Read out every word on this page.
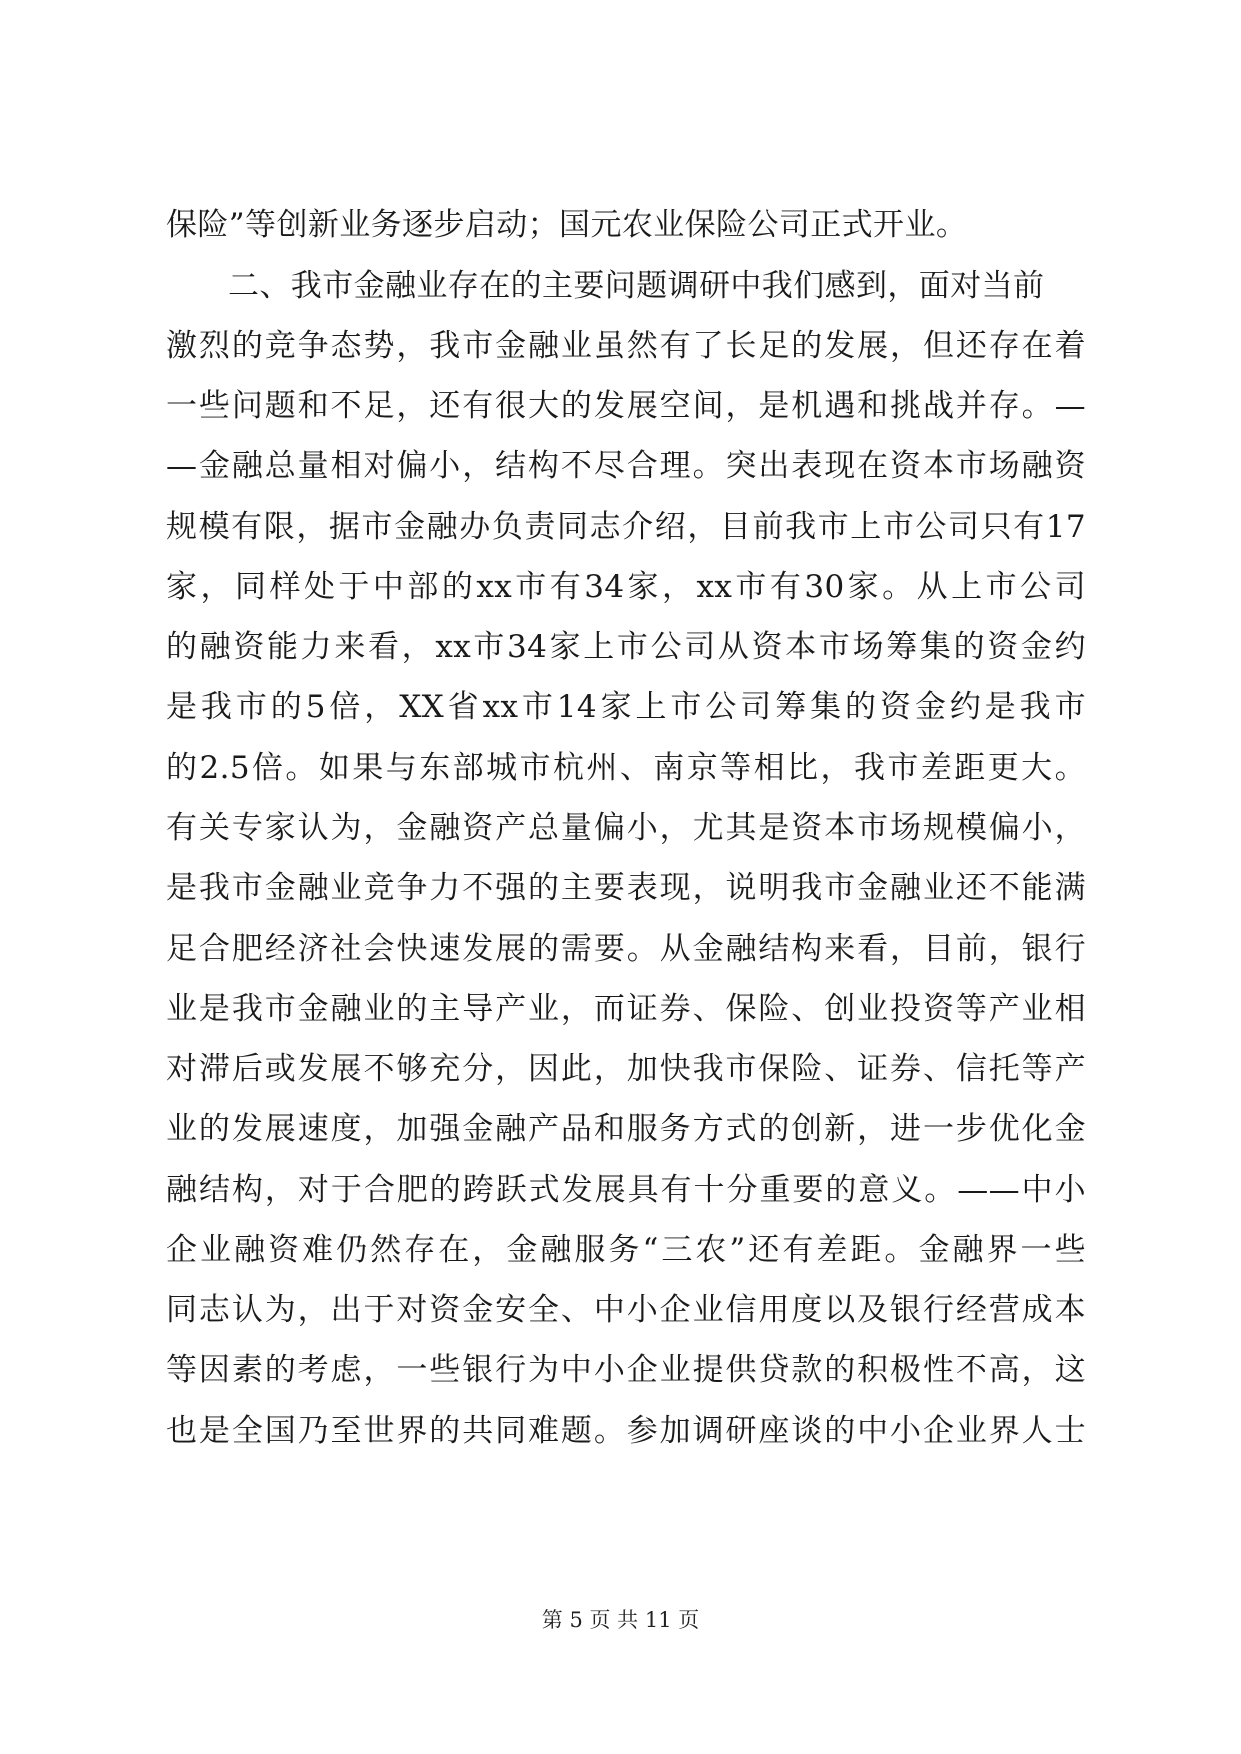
保险”等创新业务逐步启动；国元农业保险公司正式开业。
二、我市金融业存在的主要问题调研中我们感到，面对当前
激烈的竞争态势，我市金融业虽然有了长足的发展，但还存在着
一些问题和不足，还有很大的发展空间，是机遇和挑战并存。—
—金融总量相对偏小，结构不尽合理。突出表现在资本市场融资
规模有限，据市金融办负责同志介绍，目前我市上市公司只有17
家，同样处于中部的xx市有34家，xx市有30家。从上市公司
的融资能力来看，xx市34家上市公司从资本市场筹集的资金约
是我市的5倍，XX省xx市14家上市公司筹集的资金约是我市
的2.5倍。如果与东部城市杭州、南京等相比，我市差距更大。
有关专家认为，金融资产总量偏小，尤其是资本市场规模偏小，
是我市金融业竞争力不强的主要表现，说明我市金融业还不能满
足合肥经济社会快速发展的需要。从金融结构来看，目前，银行
业是我市金融业的主导产业，而证券、保险、创业投资等产业相
对滞后或发展不够充分，因此，加快我市保险、证券、信托等产
业的发展速度，加强金融产品和服务方式的创新，进一步优化金
融结构，对于合肥的跨跃式发展具有十分重要的意义。——中小
企业融资难仍然存在，金融服务“三农”还有差距。金融界一些
同志认为，出于对资金安全、中小企业信用度以及银行经营成本
等因素的考虑，一些银行为中小企业提供贷款的积极性不高，这
也是全国乃至世界的共同难题。参加调研座谈的中小企业界人士
第 5 页 共 11 页
